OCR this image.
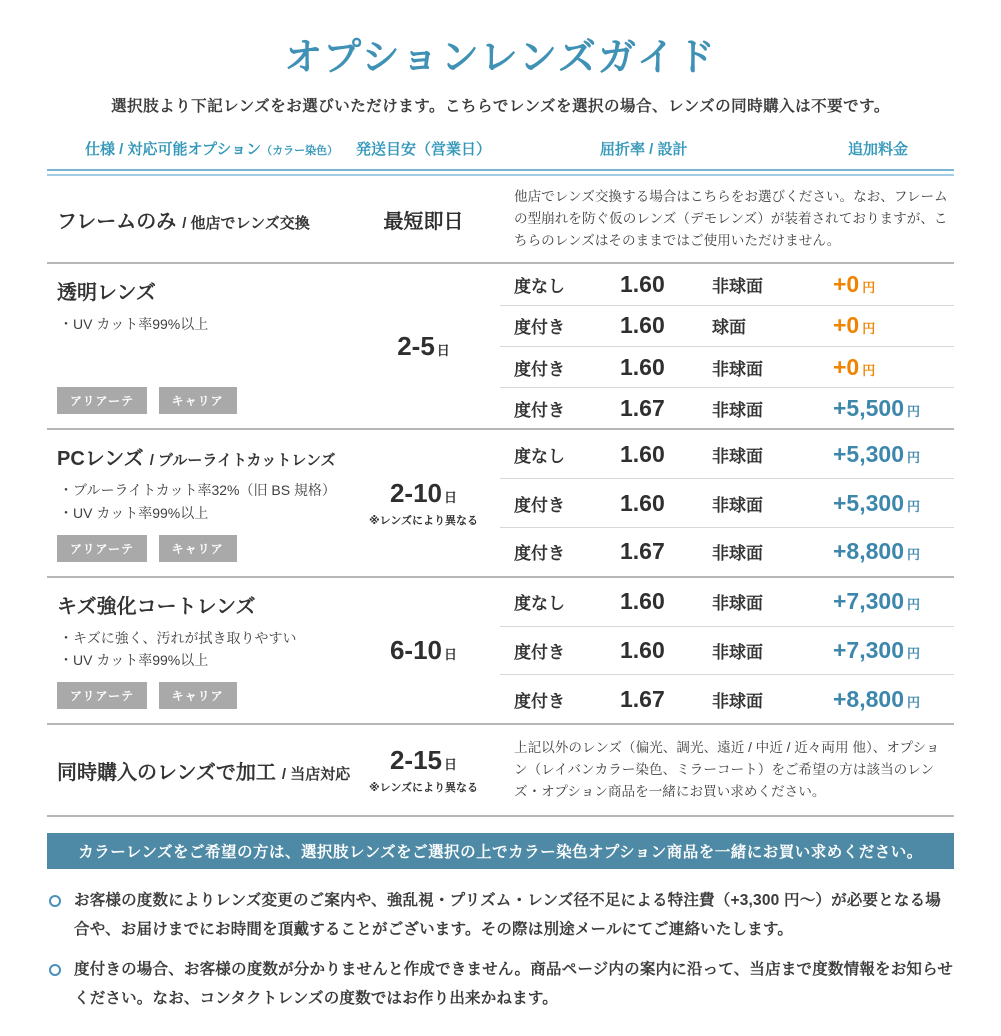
オプションレンズガイド

選択肢より下記レンズをお選びいただけます。こちらでレンズを選択の場合、レンズの同時購入は不要です。

仕様 / 対応可能オプション（カラー染色）	発送目安（営業日）	屈折率 / 設計	追加料金
フレームのみ / 他店でレンズ交換	最短即日
他店でレンズ交換する場合はこちらをお選びください。なお、フレームの型崩れを防ぐ仮のレンズ（デモレンズ）が装着されておりますが、こちらのレンズはそのままではご使用いただけません。
透明レンズ
・UV カット率99%以上
アリアーテ	キャリア
2-5 日
度なし	1.60	非球面	+0 円
度付き	1.60	球面	+0 円
度付き	1.60	非球面	+0 円
度付き	1.67	非球面	+5,500 円
PCレンズ / ブルーライトカットレンズ
・ブルーライトカット率32%（旧 BS 規格）
・UV カット率99%以上
アリアーテ	キャリア
2-10 日
※レンズにより異なる
度なし	1.60	非球面	+5,300 円
度付き	1.60	非球面	+5,300 円
度付き	1.67	非球面	+8,800 円
キズ強化コートレンズ
・キズに強く、汚れが拭き取りやすい
・UV カット率99%以上
アリアーテ	キャリア
6-10 日
度なし	1.60	非球面	+7,300 円
度付き	1.60	非球面	+7,300 円
度付き	1.67	非球面	+8,800 円
同時購入のレンズで加工 / 当店対応 2-15 日
※レンズにより異なる
上記以外のレンズ（偏光、調光、遠近 / 中近 / 近々両用 他）、オプション（レイバンカラー染色、ミラーコート）をご希望の方は該当のレンズ・オプション商品を一緒にお買い求めください。
カラーレンズをご希望の方は、選択肢レンズをご選択の上でカラー染色オプション商品を一緒にお買い求めください。

お客様の度数によりレンズ変更のご案内や、強乱視・プリズム・レンズ径不足による特注費（+3,300 円〜）が必要となる場合や、お届けまでにお時間を頂戴することがございます。その際は別途メールにてご連絡いたします。

度付きの場合、お客様の度数が分かりませんと作成できません。商品ページ内の案内に沿って、当店まで度数情報をお知らせください。なお、コンタクトレンズの度数ではお作り出来かねます。
